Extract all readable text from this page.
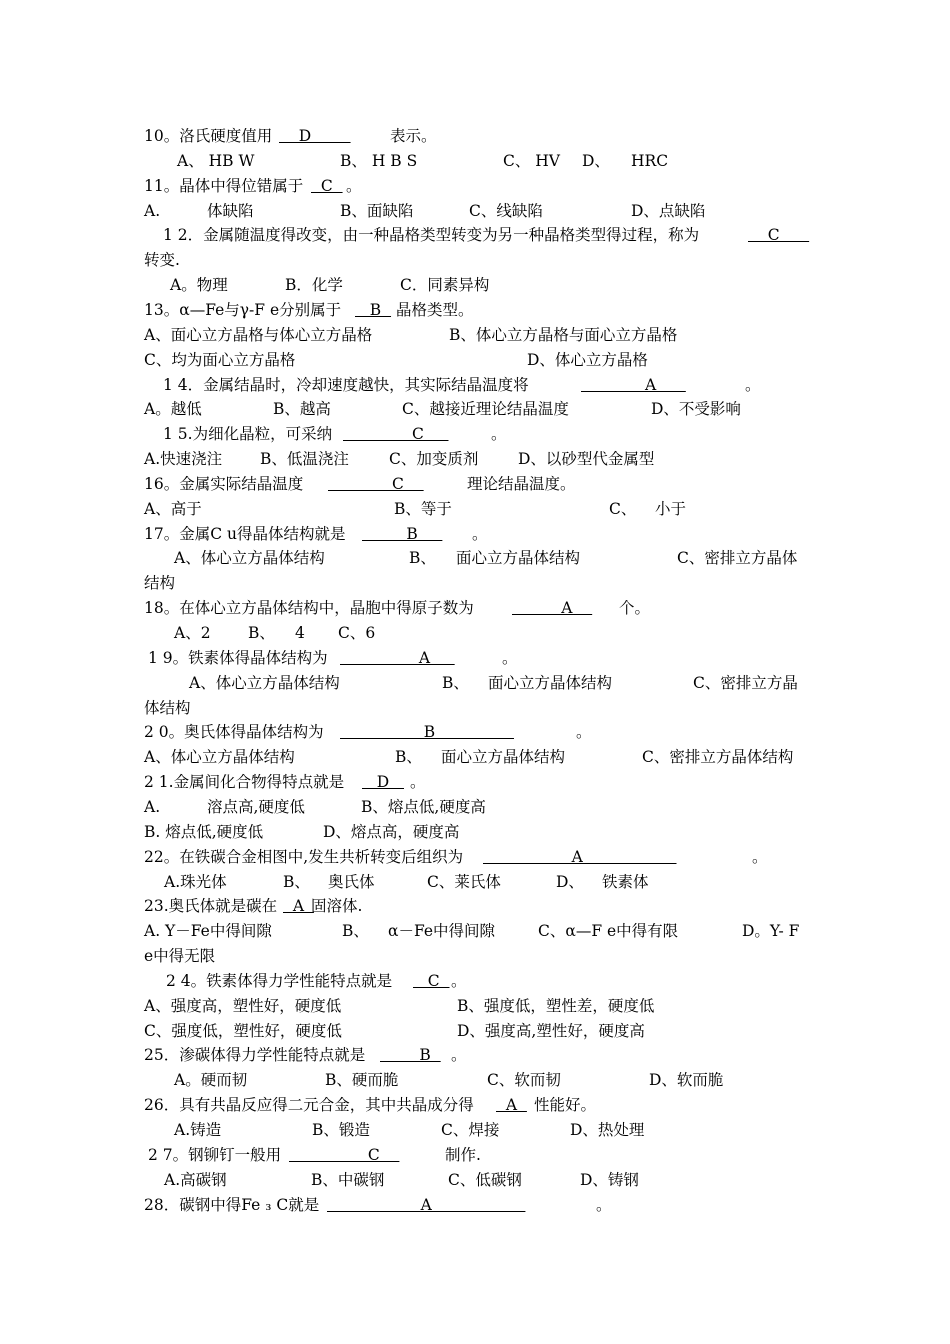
10。洛氏硬度值用 D	表示。
A、 HB W	B、 H B S	C、 HV D、 HRC
11。晶体中得位错属于 C 。
A.	体缺陷	B、面缺陷	C、线缺陷	D、点缺陷
1 2．金属随温度得改变，由一种晶格类型转变为另一种晶格类型得过程，称为	C
转变.
A。物理	B．化学	C．同素异构
13。α—Fe与γ-F e分别属于 B 晶格类型。
A、面心立方晶格与体心立方晶格	B、体心立方晶格与面心立方晶格
C、均为面心立方晶格	D、体心立方晶格
1 4．金属结晶时，冷却速度越快，其实际结晶温度将	A	。
A。越低	B、越高	C、越接近理论结晶温度	D、不受影响
1 5.为细化晶粒，可采纳 C	。
A.快速浇注 B、低温浇注	C、加变质剂	D、以砂型代金属型
16。金属实际结晶温度 C	理论结晶温度。
A、高于	B、等于	C、 小于
17。金属C u得晶体结构就是 B 。
A、体心立方晶体结构	B、 面心立方晶体结构	C、密排立方晶体
结构
18。在体心立方晶体结构中，晶胞中得原子数为 A 个。
A、2 B、 4 C、6
1 9。铁素体得晶体结构为 A	。
A、体心立方晶体结构	B、 面心立方晶体结构	C、密排立方晶
体结构
2 0。奥氏体得晶体结构为 B	。
A、体心立方晶体结构	B、 面心立方晶体结构	C、密排立方晶体结构
2 1.金属间化合物得特点就是 D 。
A.	溶点高,硬度低	B、熔点低,硬度高
B. 熔点低,硬度低	D、熔点高，硬度高
22。在铁碳合金相图中,发生共析转变后组织为 A	。
A.珠光体	B、 奥氏体	C、莱氏体	D、 铁素体
23.奥氏体就是碳在 A
固溶体.
A. Y－Fe中得间隙	B、 α－Fe中得间隙	C、α—F e中得有限	D。Y- F
e中得无限
2 4。铁素体得力学性能特点就是 C 。
A、强度高，塑性好，硬度低	B、强度低，塑性差，硬度低
C、强度低，塑性好，硬度低	D、强度高,塑性好，硬度高
25．渗碳体得力学性能特点就是 B 。
A。硬而韧	B、硬而脆	C、软而韧	D、软而脆
26．具有共晶反应得二元合金，其中共晶成分得 A 性能好。
A.铸造	B、锻造	C、焊接	D、热处理
2 7。钢铆钉一般用 C	制作.
A.高碳钢	B、中碳钢	C、低碳钢	D、铸钢
28．碳钢中得Fe ₃ C就是 A	。
